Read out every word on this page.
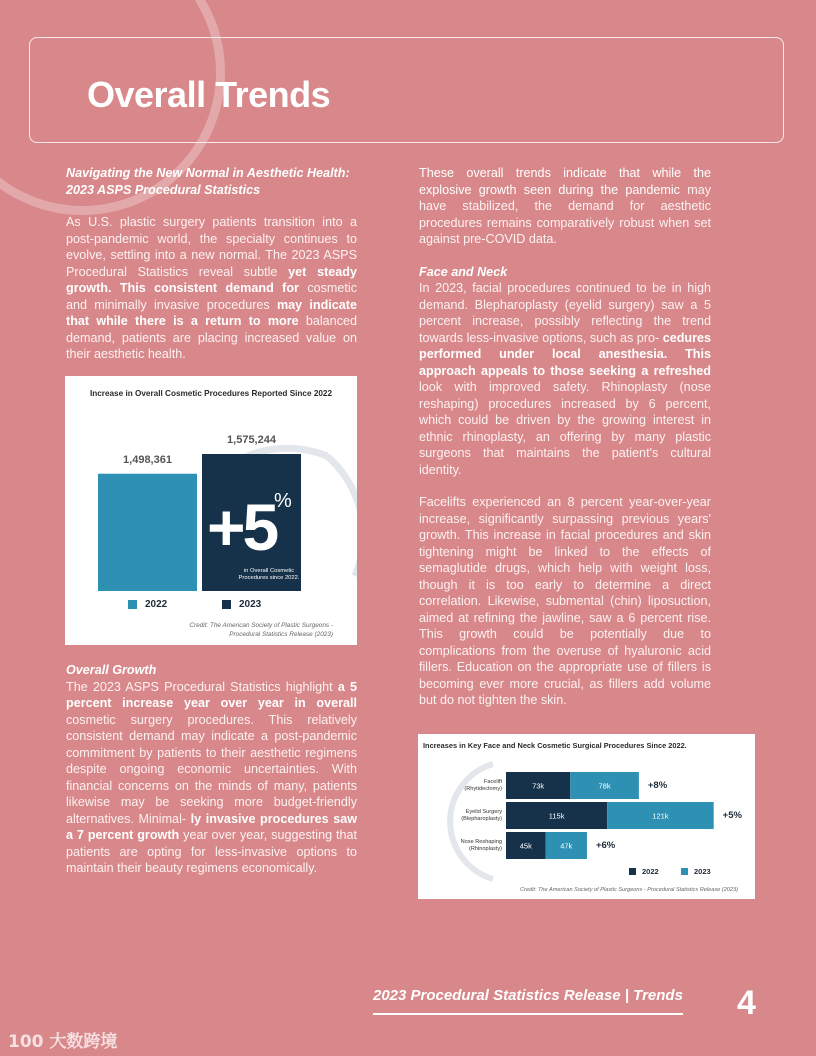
Overall Trends
Navigating the New Normal in Aesthetic Health:
2023 ASPS Procedural Statistics

As U.S. plastic surgery patients transition into a post-pandemic world, the specialty continues to evolve, settling into a new normal. The 2023 ASPS Procedural Statistics reveal subtle yet steady growth. This consistent demand for cosmetic and minimally invasive procedures may indicate that while there is a return to more balanced demand, patients are placing increased value on their aesthetic health.

Overall Growth

The 2023 ASPS Procedural Statistics highlight a 5 percent increase year over year in overall cosmetic surgery procedures. This relatively consistent demand may indicate a post-pandemic commitment by patients to their aesthetic regimens despite ongoing economic uncertainties. With financial concerns on the minds of many, patients likewise may be seeking more budget-friendly alternatives. Minimal- ly invasive procedures saw a 7 percent growth year over year, suggesting that patients are opting for less-invasive options to maintain their beauty regimens economically.

Increase in Overall Cosmetic Procedures Reported Since 2022
1,498,361
1,575,244
+5
%
in Overall Cosmetic
Procedures since 2022.
2022	2023
Credit: The American Society of Plastic Surgeons -
Procedural Statistics Release (2023)

These overall trends indicate that while the explosive growth seen during the pandemic may have stabilized, the demand for aesthetic procedures remains comparatively robust when set against pre-COVID data.

Face and Neck

In 2023, facial procedures continued to be in high demand. Blepharoplasty (eyelid surgery) saw a 5 percent increase, possibly reflecting the trend towards less-invasive options, such as pro- cedures performed under local anesthesia. This approach appeals to those seeking a refreshed look with improved safety. Rhinoplasty (nose reshaping) procedures increased by 6 percent, which could be driven by the growing interest in ethnic rhinoplasty, an offering by many plastic surgeons that maintains the patient's cultural identity.

Facelifts experienced an 8 percent year-over-year increase, significantly surpassing previous years' growth. This increase in facial procedures and skin tightening might be linked to the effects of semaglutide drugs, which help with weight loss, though it is too early to determine a direct correlation. Likewise, submental (chin) liposuction, aimed at refining the jawline, saw a 6 percent rise. This growth could be potentially due to complications from the overuse of hyaluronic acid fillers. Education on the appropriate use of fillers is becoming ever more crucial, as fillers add volume but do not tighten the skin.

Increases in Key Face and Neck Cosmetic Surgical Procedures Since 2022.
73k	78k
115k	121k
45k	47k
+8%
Facelift
(Rhytidectomy)
+5%
Eyelid Surgery
(Blepharoplasty)
+6%
Nose Reshaping
(Rhinoplasty)
2022	2023
Credit: The American Society of Plastic Surgeons - Procedural Statistics Release (2023)
2023 Procedural Statistics Release | Trends 4
100 大数跨境
